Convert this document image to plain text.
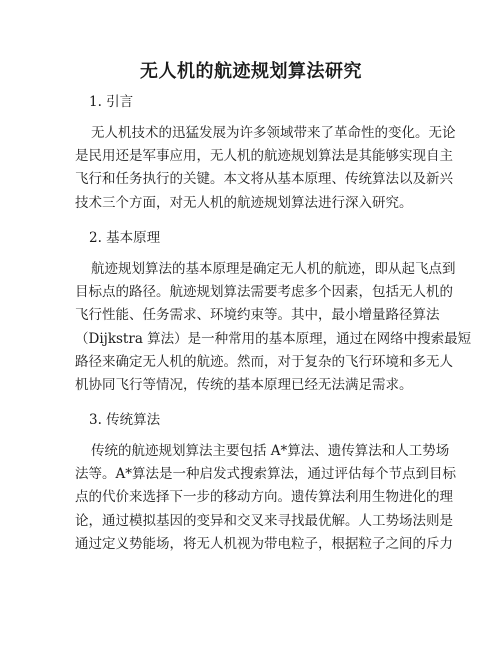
无人机的航迹规划算法研究
1. 引言
无人机技术的迅猛发展为许多领域带来了革命性的变化。无论
是民用还是军事应用，无人机的航迹规划算法是其能够实现自主
飞行和任务执行的关键。本文将从基本原理、传统算法以及新兴
技术三个方面，对无人机的航迹规划算法进行深入研究。
2. 基本原理
航迹规划算法的基本原理是确定无人机的航迹，即从起飞点到
目标点的路径。航迹规划算法需要考虑多个因素，包括无人机的
飞行性能、任务需求、环境约束等。其中，最小增量路径算法
（Dijkstra 算法）是一种常用的基本原理，通过在网络中搜索最短
路径来确定无人机的航迹。然而，对于复杂的飞行环境和多无人
机协同飞行等情况，传统的基本原理已经无法满足需求。
3. 传统算法
传统的航迹规划算法主要包括 A*算法、遗传算法和人工势场
法等。A*算法是一种启发式搜索算法，通过评估每个节点到目标
点的代价来选择下一步的移动方向。遗传算法利用生物进化的理
论，通过模拟基因的变异和交叉来寻找最优解。人工势场法则是
通过定义势能场，将无人机视为带电粒子，根据粒子之间的斥力
